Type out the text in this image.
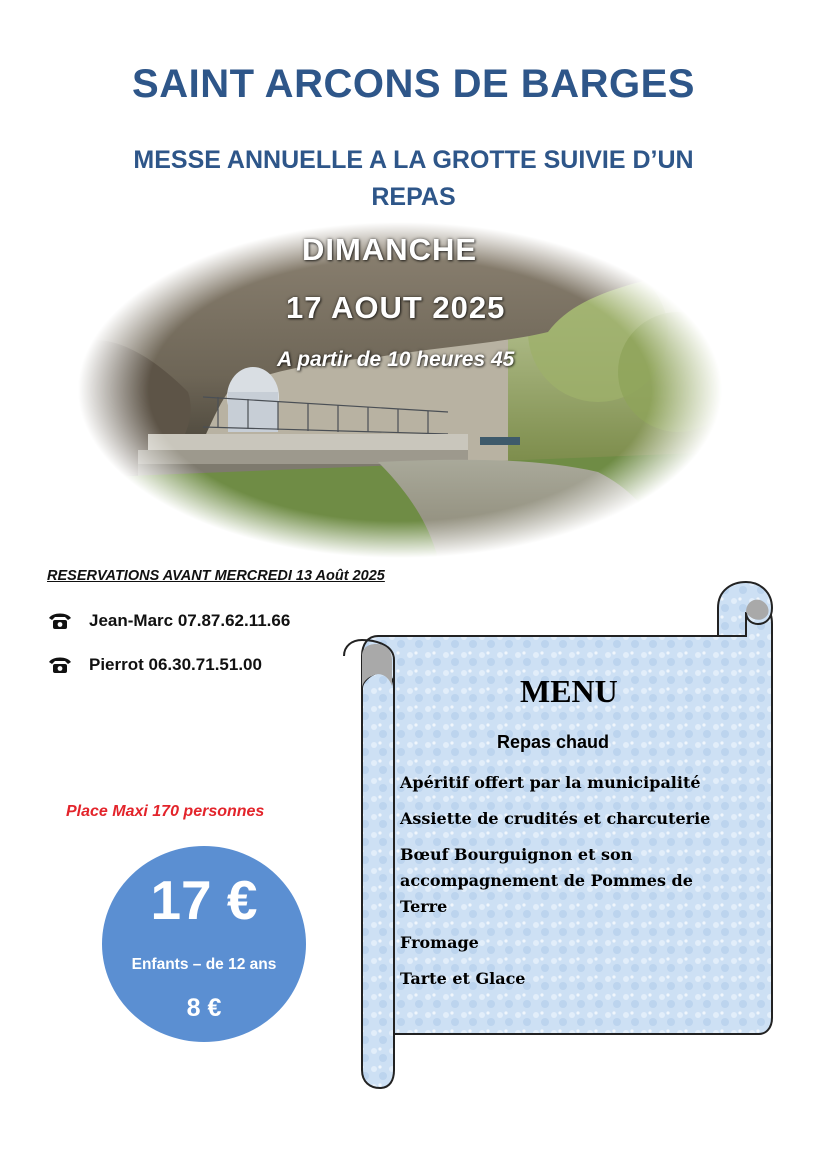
SAINT ARCONS DE BARGES
MESSE ANNUELLE A LA GROTTE SUIVIE D’UN
REPAS
DIMANCHE
17 AOUT 2025
A partir de 10 heures 45
RESERVATIONS AVANT MERCREDI 13 Août 2025
Jean-Marc 07.87.62.11.66
Pierrot 06.30.71.51.00
Place Maxi 170 personnes
17 €
Enfants – de 12 ans
8 €
MENU
Repas chaud
Apéritif offert par la municipalité
Assiette de crudités et charcuterie
Bœuf Bourguignon et son accompagnement de Pommes de Terre
Fromage
Tarte et Glace
